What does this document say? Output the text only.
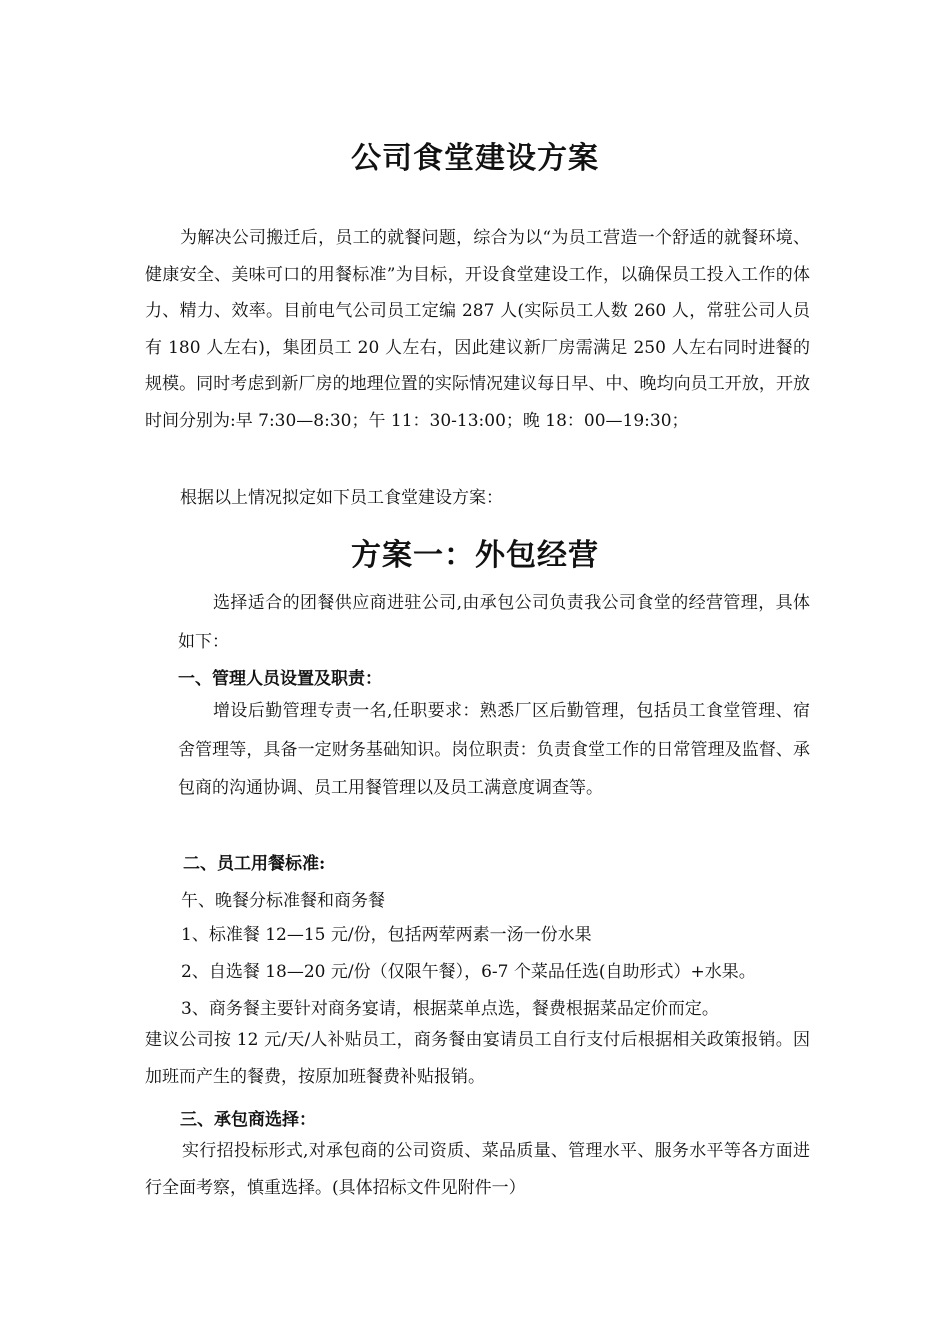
公司食堂建设方案

为解决公司搬迁后，员工的就餐问题，综合为以“为员工营造一个舒适的就餐环境、健康安全、美味可口的用餐标准”为目标，开设食堂建设工作，以确保员工投入工作的体力、精力、效率。目前电气公司员工定编 287 人(实际员工人数 260 人，常驻公司人员有 180 人左右)，集团员工 20 人左右，因此建议新厂房需满足 250 人左右同时进餐的规模。同时考虑到新厂房的地理位置的实际情况建议每日早、中、晚均向员工开放，开放时间分别为:早 7:30—8:30；午 11：30-13:00；晚 18：00—19:30；

根据以上情况拟定如下员工食堂建设方案：
方案一：外包经营

选择适合的团餐供应商进驻公司,由承包公司负责我公司食堂的经营管理，具体如下：

一、管理人员设置及职责：

增设后勤管理专责一名,任职要求：熟悉厂区后勤管理，包括员工食堂管理、宿舍管理等，具备一定财务基础知识。岗位职责：负责食堂工作的日常管理及监督、承包商的沟通协调、员工用餐管理以及员工满意度调查等。

二、员工用餐标准:
午、晚餐分标准餐和商务餐
1、标准餐 12—15 元/份，包括两荤两素一汤一份水果
2、自选餐 18—20 元/份（仅限午餐），6-7 个菜品任选(自助形式）+水果。
3、商务餐主要针对商务宴请，根据菜单点选，餐费根据菜品定价而定。

建议公司按 12 元/天/人补贴员工，商务餐由宴请员工自行支付后根据相关政策报销。因加班而产生的餐费，按原加班餐费补贴报销。

三、承包商选择：

实行招投标形式,对承包商的公司资质、菜品质量、管理水平、服务水平等各方面进行全面考察，慎重选择。(具体招标文件见附件一）
